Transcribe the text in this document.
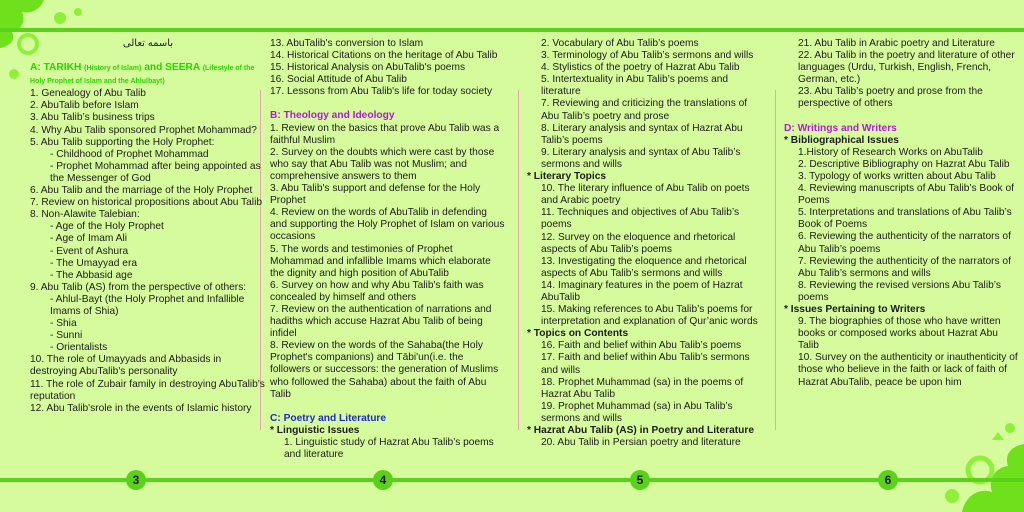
باسمه تعالی

A: TARIKH (History of Islam) and SEERA (Lifestyle of the Holy Prophet of Islam and the Ahlulbayt)

1. Genealogy of Abu Talib

2. AbuTalib before Islam

3. Abu Talib’s business trips

4. Why Abu Talib sponsored Prophet Mohammad?

5. Abu Talib supporting the Holy Prophet:

- Childhood of Prophet Mohammad

- Prophet Mohammad after being appointed as the Messenger of God

6. Abu Talib and the marriage of the Holy Prophet

7. Review on historical propositions about Abu Talib

8. Non-Alawite Talebian:

- Age of the Holy Prophet

- Age of Imam Ali

- Event of Ashura

- The Umayyad era

- The Abbasid age

9. Abu Talib (AS) from the perspective of others:

- Ahlul-Bayt (the Holy Prophet and Infallible Imams of Shia)

- Shia

- Sunni

- Orientalists

10. The role of Umayyads and Abbasids in destroying AbuTalib's personality

11. The role of Zubair family in destroying AbuTalib's reputation

12. Abu Talib'srole in the events of Islamic history

13. AbuTalib's conversion to Islam

14. Historical Citations on the heritage of Abu Talib

15. Historical Analysis on AbuTalib's poems

16. Social Attitude of Abu Talib

17. Lessons from Abu Talib's life for today society

B: Theology and Ideology

1. Review on the basics that prove Abu Talib was a faithful Muslim

2. Survey on the doubts which were cast by those who say that Abu Talib was not Muslim; and comprehensive answers to them

3. Abu Talib's support and defense for the Holy Prophet

4. Review on the words of AbuTalib in defending and supporting the Holy Prophet of Islam on various occasions

5. The words and testimonies of Prophet Mohammad and infallible Imams which elaborate the dignity and high position of AbuTalib

6. Survey on how and why Abu Talib's faith was concealed by himself and others

7. Review on the authentication of narrations and hadiths which accuse Hazrat Abu Talib of being infidel

8. Review on the words of the Sahaba(the Holy Prophet's companions) and Tābi'un(i.e. the followers or successors: the generation of Muslims who followed the Sahaba) about the faith of Abu Talib

C: Poetry and Literature

* Linguistic Issues

1. Linguistic study of Hazrat Abu Talib’s poems and literature

2. Vocabulary of Abu Talib’s poems

3. Terminology of Abu Talib’s sermons and wills

4. Stylistics of the poetry of Hazrat Abu Talib

5. Intertextuality in Abu Talib’s poems and literature

7. Reviewing and criticizing the translations of Abu Talib’s poetry and prose

8. Literary analysis and syntax of Hazrat Abu Talib’s poems

9. Literary analysis and syntax of Abu Talib’s sermons and wills

* Literary Topics

10. The literary influence of Abu Talib on poets and Arabic poetry

11. Techniques and objectives of Abu Talib’s poems

12. Survey on the eloquence and rhetorical aspects of Abu Talib’s poems

13. Investigating the eloquence and rhetorical aspects of Abu Talib’s sermons and wills

14. Imaginary features in the poem of Hazrat AbuTalib

15. Making references to Abu Talib’s poems for interpretation and explanation of Qur’anic words

* Topics on Contents

16. Faith and belief within Abu Talib’s poems

17. Faith and belief within Abu Talib’s sermons and wills

18. Prophet Muhammad (sa) in the poems of Hazrat Abu Talib

19. Prophet Muhammad (sa) in Abu Talib’s sermons and wills

* Hazrat Abu Talib (AS) in Poetry and Literature

20. Abu Talib in Persian poetry and literature

21. Abu Talib in Arabic poetry and Literature

22. Abu Talib in the poetry and literature of other languages (Urdu, Turkish, English, French, German, etc.)

23. Abu Talib’s poetry and prose from the perspective of others

D: Writings and Writers

* Bibliographical Issues

1.History of Research Works on AbuTalib

2. Descriptive Bibliography on Hazrat Abu Talib

3. Typology of works written about Abu Talib

4. Reviewing manuscripts of Abu Talib’s Book of Poems

5. Interpretations and translations of Abu Talib’s Book of Poems

6. Reviewing the authenticity of the narrators of Abu Talib’s poems

7. Reviewing the authenticity of the narrators of Abu Talib’s sermons and wills

8. Reviewing the revised versions Abu Talib’s poems

* Issues Pertaining to Writers

9. The biographies of those who have written books or composed works about Hazrat Abu Talib

10. Survey on the authenticity or inauthenticity of those who believe in the faith or lack of faith of Hazrat AbuTalib, peace be upon him

3	4	5	6
